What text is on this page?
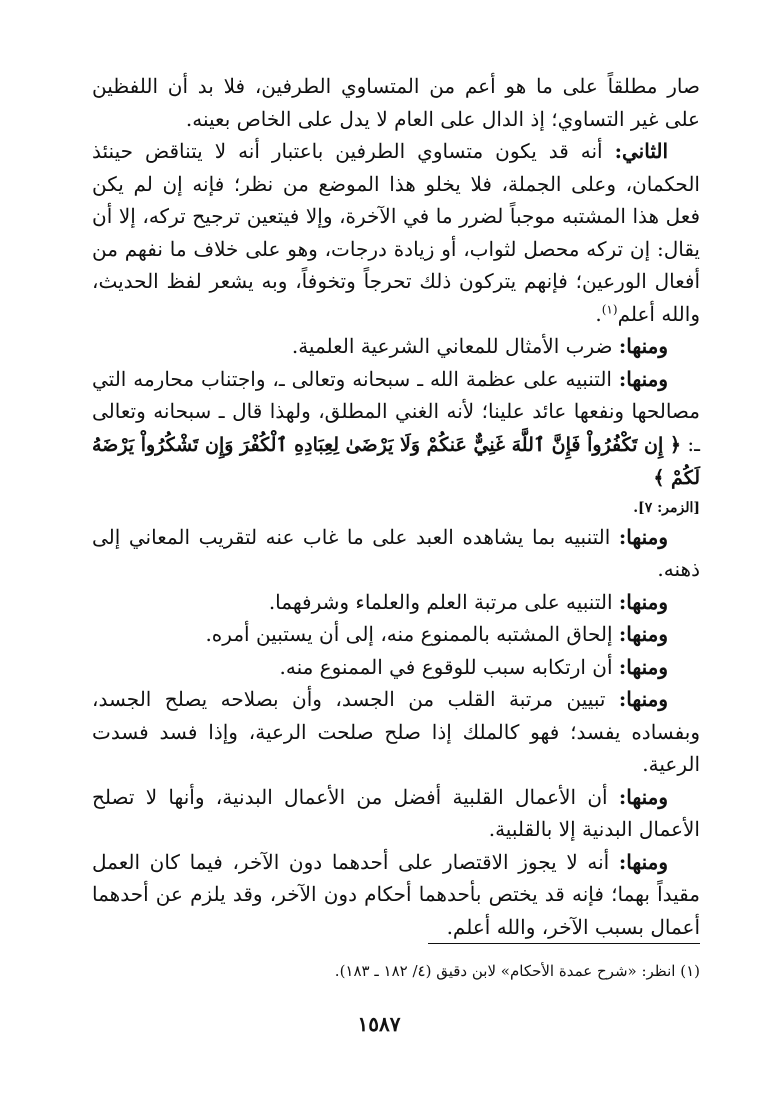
صار مطلقاً على ما هو أعم من المتساوي الطرفين، فلا بد أن اللفظين على غير التساوي؛ إذ الدال على العام لا يدل على الخاص بعينه.

الثاني: أنه قد يكون متساوي الطرفين باعتبار أنه لا يتناقض حينئذ الحكمان، وعلى الجملة، فلا يخلو هذا الموضع من نظر؛ فإنه إن لم يكن فعل هذا المشتبه موجباً لضرر ما في الآخرة، وإلا فيتعين ترجيح تركه، إلا أن يقال: إن تركه محصل لثواب، أو زيادة درجات، وهو على خلاف ما نفهم من أفعال الورعين؛ فإنهم يتركون ذلك تحرجاً وتخوفاً، وبه يشعر لفظ الحديث، والله أعلم$^{(١)}$.

ومنها: ضرب الأمثال للمعاني الشرعية العلمية.

ومنها: التنبيه على عظمة الله ـ سبحانه وتعالى ـ، واجتناب محارمه التي مصالحها ونفعها عائد علينا؛ لأنه الغني المطلق، ولهذا قال ـ سبحانه وتعالى ـ: ﴿ إِن تَكْفُرُواْ فَإِنَّ ٱللَّهَ غَنِيٌّ عَنكُمْ وَلَا يَرْضَىٰ لِعِبَادِهِ ٱلْكُفْرَ وَإِن تَشْكُرُواْ يَرْضَهُ لَكُمْ ﴾

[الزمر: ٧].

ومنها: التنبيه بما يشاهده العبد على ما غاب عنه لتقريب المعاني إلى ذهنه.

ومنها: التنبيه على مرتبة العلم والعلماء وشرفهما.

ومنها: إلحاق المشتبه بالممنوع منه، إلى أن يستبين أمره.

ومنها: أن ارتكابه سبب للوقوع في الممنوع منه.

ومنها: تبيين مرتبة القلب من الجسد، وأن بصلاحه يصلح الجسد، وبفساده يفسد؛ فهو كالملك إذا صلح صلحت الرعية، وإذا فسد فسدت الرعية.

ومنها: أن الأعمال القلبية أفضل من الأعمال البدنية، وأنها لا تصلح الأعمال البدنية إلا بالقلبية.

ومنها: أنه لا يجوز الاقتصار على أحدهما دون الآخر، فيما كان العمل مقيداً بهما؛ فإنه قد يختص بأحدهما أحكام دون الآخر، وقد يلزم عن أحدهما أعمال بسبب الآخر، والله أعلم.

(١) انظر: «شرح عمدة الأحكام» لابن دقيق (٤/ ١٨٢ ـ ١٨٣).
١٥٨٧
